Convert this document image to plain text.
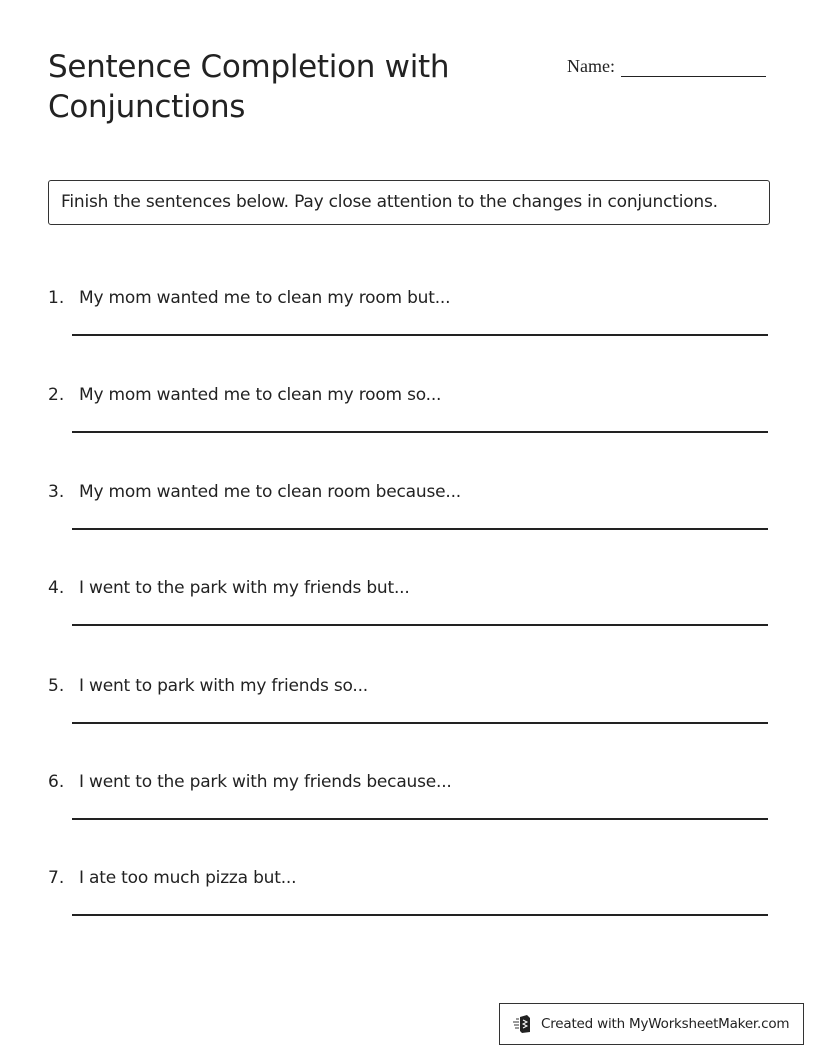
Sentence Completion with Conjunctions
Name:
Finish the sentences below. Pay close attention to the changes in conjunctions.
1. My mom wanted me to clean my room but...
2. My mom wanted me to clean my room so...
3. My mom wanted me to clean room because...
4. I went to the park with my friends but...
5. I went to park with my friends so...
6. I went to the park with my friends because...
7. I ate too much pizza but...
Created with MyWorksheetMaker.com
